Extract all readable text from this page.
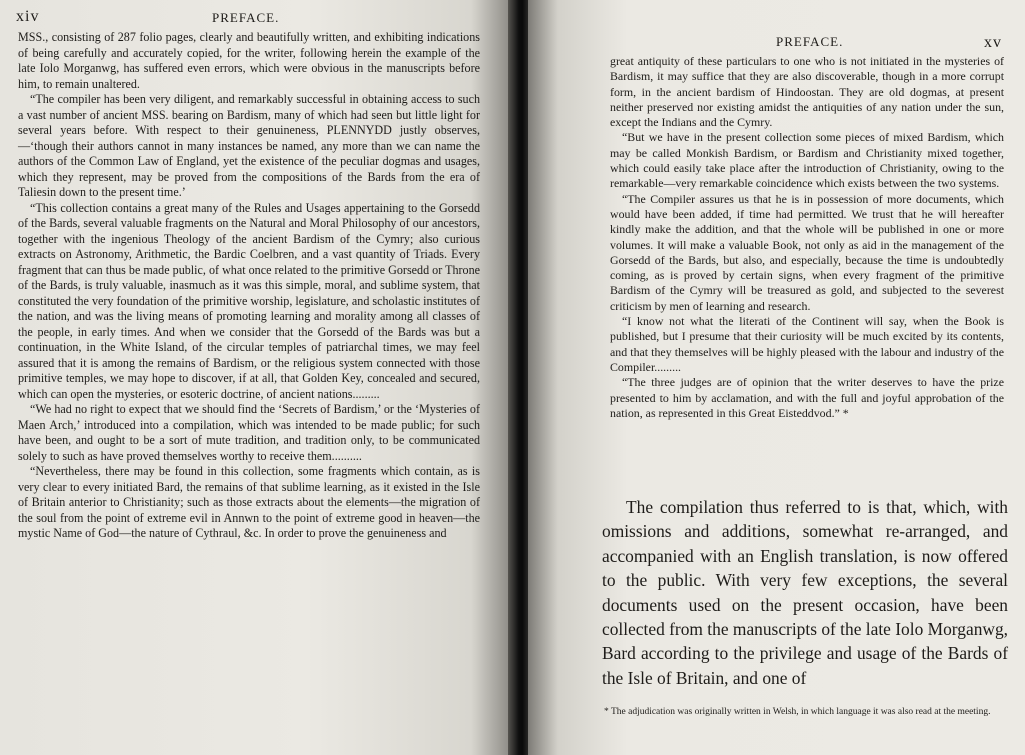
xiv	PREFACE.

MSS., consisting of 287 folio pages, clearly and beautifully written, and exhibiting indications of being carefully and accurately copied, for the writer, following herein the example of the late Iolo Morganwg, has suffered even errors, which were obvious in the manuscripts before him, to remain unaltered.

“The compiler has been very diligent, and remarkably successful in obtaining access to such a vast number of ancient MSS. bearing on Bardism, many of which had seen but little light for several years before. With respect to their genuineness, PLENNYDD justly observes,—‘though their authors cannot in many instances be named, any more than we can name the authors of the Common Law of England, yet the existence of the peculiar dogmas and usages, which they represent, may be proved from the compositions of the Bards from the era of Taliesin down to the present time.’

“This collection contains a great many of the Rules and Usages appertaining to the Gorsedd of the Bards, several valuable fragments on the Natural and Moral Philosophy of our ancestors, together with the ingenious Theology of the ancient Bardism of the Cymry; also curious extracts on Astronomy, Arithmetic, the Bardic Coelbren, and a vast quantity of Triads. Every fragment that can thus be made public, of what once related to the primitive Gorsedd or Throne of the Bards, is truly valuable, inasmuch as it was this simple, moral, and sublime system, that constituted the very foundation of the primitive worship, legislature, and scholastic institutes of the nation, and was the living means of promoting learning and morality among all classes of the people, in early times. And when we consider that the Gorsedd of the Bards was but a continuation, in the White Island, of the circular temples of patriarchal times, we may feel assured that it is among the remains of Bardism, or the religious system connected with those primitive temples, we may hope to discover, if at all, that Golden Key, concealed and secured, which can open the mysteries, or esoteric doctrine, of ancient nations.........

“We had no right to expect that we should find the ‘Secrets of Bardism,’ or the ‘Mysteries of Maen Arch,’ introduced into a compilation, which was intended to be made public; for such have been, and ought to be a sort of mute tradition, and tradition only, to be communicated solely to such as have proved themselves worthy to receive them..........

“Nevertheless, there may be found in this collection, some fragments which contain, as is very clear to every initiated Bard, the remains of that sublime learning, as it existed in the Isle of Britain anterior to Christianity; such as those extracts about the elements—the migration of the soul from the point of extreme evil in Annwn to the point of extreme good in heaven—the mystic Name of God—the nature of Cythraul, &c. In order to prove the genuineness and

PREFACE.	xv

great antiquity of these particulars to one who is not initiated in the mysteries of Bardism, it may suffice that they are also discoverable, though in a more corrupt form, in the ancient bardism of Hindoostan. They are old dogmas, at present neither preserved nor existing amidst the antiquities of any nation under the sun, except the Indians and the Cymry.

“But we have in the present collection some pieces of mixed Bardism, which may be called Monkish Bardism, or Bardism and Christianity mixed together, which could easily take place after the introduction of Christianity, owing to the remarkable—very remarkable coincidence which exists between the two systems.

“The Compiler assures us that he is in possession of more documents, which would have been added, if time had permitted. We trust that he will hereafter kindly make the addition, and that the whole will be published in one or more volumes. It will make a valuable Book, not only as aid in the management of the Gorsedd of the Bards, but also, and especially, because the time is undoubtedly coming, as is proved by certain signs, when every fragment of the primitive Bardism of the Cymry will be treasured as gold, and subjected to the severest criticism by men of learning and research.

“I know not what the literati of the Continent will say, when the Book is published, but I presume that their curiosity will be much excited by its contents, and that they themselves will be highly pleased with the labour and industry of the Compiler.........

“The three judges are of opinion that the writer deserves to have the prize presented to him by acclamation, and with the full and joyful approbation of the nation, as represented in this Great Eisteddvod.” *

The compilation thus referred to is that, which, with omissions and additions, somewhat re-arranged, and accompanied with an English translation, is now offered to the public. With very few exceptions, the several documents used on the present occasion, have been collected from the manuscripts of the late Iolo Morganwg, Bard according to the privilege and usage of the Bards of the Isle of Britain, and one of

* The adjudication was originally written in Welsh, in which language it was also read at the meeting.
